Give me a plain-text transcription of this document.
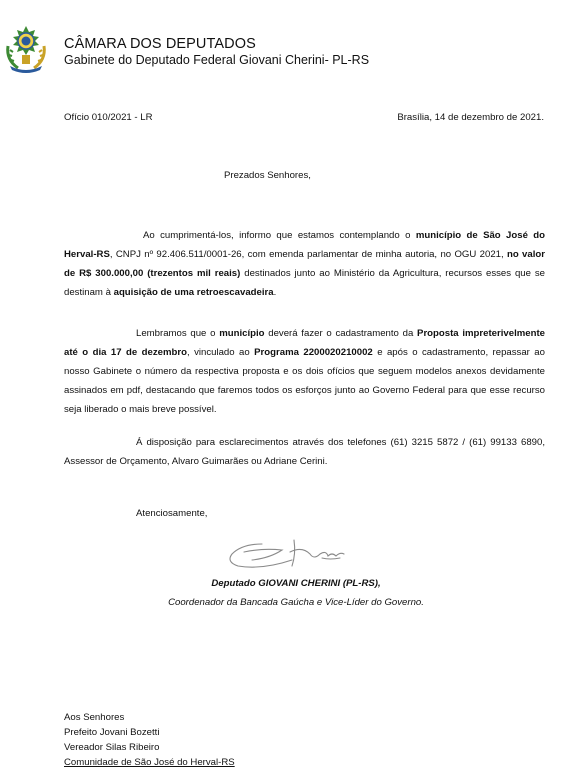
CÂMARA DOS DEPUTADOS
Gabinete do Deputado Federal Giovani Cherini- PL-RS
Ofício 010/2021 - LR	Brasília, 14 de dezembro de 2021.
Prezados Senhores,

Ao cumprimentá-los, informo que estamos contemplando o município de São José do Herval-RS, CNPJ nº 92.406.511/0001-26, com emenda parlamentar de minha autoria, no OGU 2021, no valor de R$ 300.000,00 (trezentos mil reais) destinados junto ao Ministério da Agricultura, recursos esses que se destinam à aquisição de uma retroescavadeira.

Lembramos que o município deverá fazer o cadastramento da Proposta impreterivelmente até o dia 17 de dezembro, vinculado ao Programa 2200020210002 e após o cadastramento, repassar ao nosso Gabinete o número da respectiva proposta e os dois ofícios que seguem modelos anexos devidamente assinados em pdf, destacando que faremos todos os esforços junto ao Governo Federal para que esse recurso seja liberado o mais breve possível.

Á disposição para esclarecimentos através dos telefones (61) 3215 5872 / (61) 99133 6890, Assessor de Orçamento, Alvaro Guimarães ou Adriane Cerini.

Atenciosamente,
Deputado GIOVANI CHERINI (PL-RS),
Coordenador da Bancada Gaúcha e Vice-Líder do Governo.
Aos Senhores
Prefeito Jovani Bozetti
Vereador Silas Ribeiro
Comunidade de São José do Herval-RS
